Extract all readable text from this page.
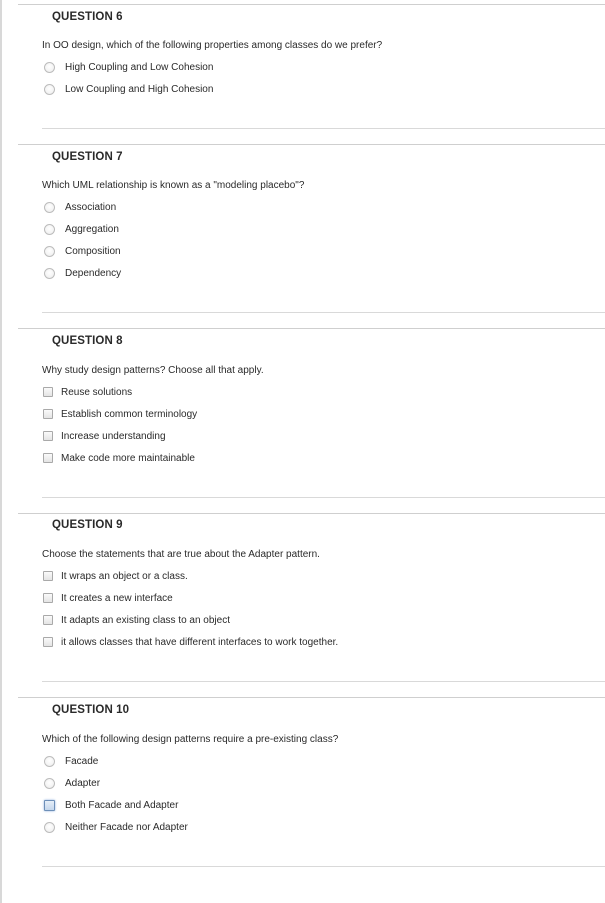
QUESTION 6
In OO design, which of the following properties among classes do we prefer?
High Coupling and Low Cohesion
Low Coupling and High Cohesion
QUESTION 7
Which UML relationship is known as a "modeling placebo"?
Association
Aggregation
Composition
Dependency
QUESTION 8
Why study design patterns? Choose all that apply.
Reuse solutions
Establish common terminology
Increase understanding
Make code more maintainable
QUESTION 9
Choose the statements that are true about the Adapter pattern.
It wraps an object or a class.
It creates a new interface
It adapts an existing class to an object
it allows classes that have different interfaces to work together.
QUESTION 10
Which of the following design patterns require a pre-existing class?
Facade
Adapter
Both Facade and Adapter
Neither Facade nor Adapter
